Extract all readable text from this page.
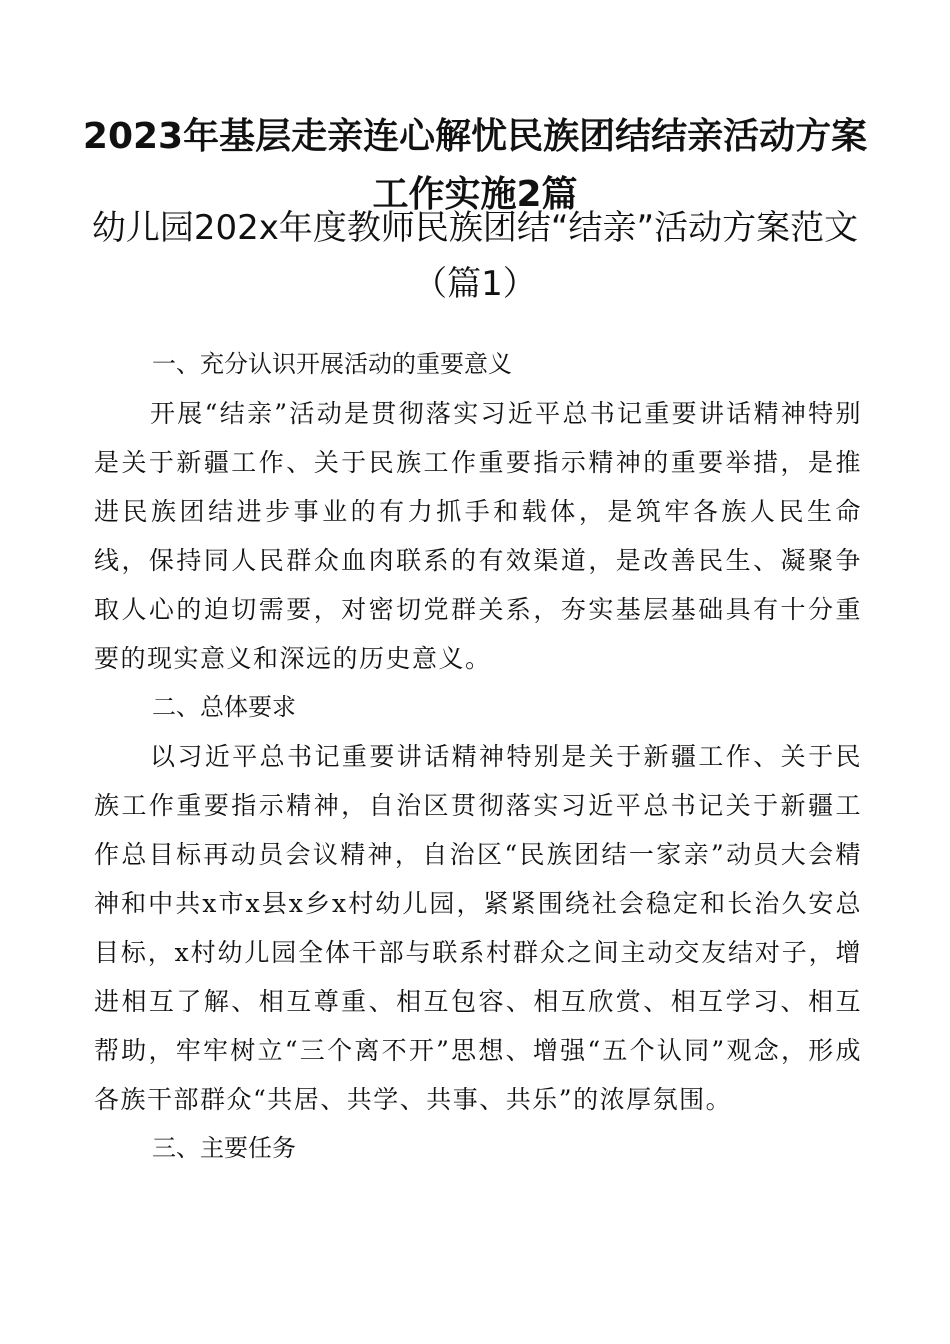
2023年基层走亲连心解忧民族团结结亲活动方案工作实施2篇
幼儿园202x年度教师民族团结“结亲”活动方案范文（篇1）
一、充分认识开展活动的重要意义

开展“结亲”活动是贯彻落实习近平总书记重要讲话精神特别是关于新疆工作、关于民族工作重要指示精神的重要举措，是推进民族团结进步事业的有力抓手和载体，是筑牢各族人民生命线，保持同人民群众血肉联系的有效渠道，是改善民生、凝聚争取人心的迫切需要，对密切党群关系，夯实基层基础具有十分重要的现实意义和深远的历史意义。

二、总体要求

以习近平总书记重要讲话精神特别是关于新疆工作、关于民族工作重要指示精神，自治区贯彻落实习近平总书记关于新疆工作总目标再动员会议精神，自治区“民族团结一家亲”动员大会精神和中共x市x县x乡x村幼儿园，紧紧围绕社会稳定和长治久安总目标，x村幼儿园全体干部与联系村群众之间主动交友结对子，增进相互了解、相互尊重、相互包容、相互欣赏、相互学习、相互帮助，牢牢树立“三个离不开”思想、增强“五个认同”观念，形成各族干部群众“共居、共学、共事、共乐”的浓厚氛围。

三、主要任务
